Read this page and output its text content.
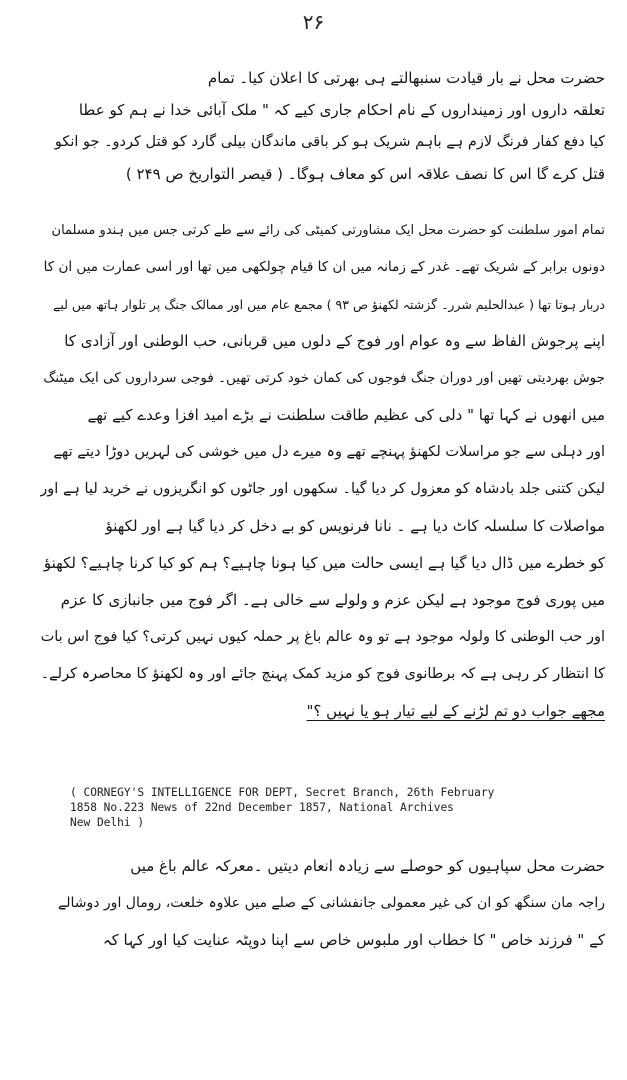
۲۶
حضرت محل نے بار قیادت سنبھالتے ہی بھرتی کا اعلان کیا۔ تمام
تعلقہ داروں اور زمینداروں کے نام احکام جاری کیے کہ " ملک آبائی خدا نے ہم کو عطا
کیا دفع کفار فرنگ لازم ہے باہم شریک ہو کر باقی ماندگان بیلی گارد کو قتل کردو۔ جو انکو
قتل کرے گا اس کا نصف علاقہ اس کو معاف ہوگا۔ ( قیصر التواریخ ص ۲۴۹ )
تمام امور سلطنت کو حضرت محل ایک مشاورتی کمیٹی کی رائے سے طے کرتی جس میں ہندو مسلمان
دونوں برابر کے شریک تھے۔ غدر کے زمانہ میں ان کا قیام چولکھی میں تھا اور اسی عمارت میں ان کا
دربار ہوتا تھا ( عبدالحلیم شرر۔ گزشتہ لکھنؤ ص ۹۳ ) مجمع عام میں اور ممالک جنگ پر تلوار ہاتھ میں لیے
اپنے پرجوش الفاظ سے وہ عوام اور فوج کے دلوں میں قربانی، حب الوطنی اور آزادی کا
جوش بھردیتی تھیں اور دوران جنگ فوجوں کی کمان خود کرتی تھیں۔ فوجی سرداروں کی ایک میٹنگ
میں انھوں نے کہا تھا " دلی کی عظیم طاقت سلطنت نے بڑے امید افزا وعدے کیے تھے
اور دہلی سے جو مراسلات لکھنؤ پہنچے تھے وہ میرے دل میں خوشی کی لہریں دوڑا دیتے تھے
لیکن کتنی جلد بادشاہ کو معزول کر دیا گیا۔ سکھوں اور جاٹوں کو انگریزوں نے خرید لیا ہے اور
مواصلات کا سلسلہ کاٹ دیا ہے ۔ نانا فرنویس کو بے دخل کر دیا گیا ہے اور لکھنؤ
کو خطرے میں ڈال دیا گیا ہے ایسی حالت میں کیا ہونا چاہیے؟ ہم کو کیا کرنا چاہیے؟ لکھنؤ
میں پوری فوج موجود ہے لیکن عزم و ولولے سے خالی ہے۔ اگر فوج میں جانبازی کا عزم
اور حب الوطنی کا ولولہ موجود ہے تو وہ عالم باغ پر حملہ کیوں نہیں کرتی؟ کیا فوج اس بات
کا انتظار کر رہی ہے کہ برطانوی فوج کو مزید کمک پہنچ جائے اور وہ لکھنؤ کا محاصرہ کرلے۔
مجھے جواب دو تم لڑنے کے لیے تیار ہو یا نہیں ؟"
( CORNEGY'S INTELLIGENCE FOR DEPT, Secret Branch, 26th February
1858 No.223 News of 22nd December 1857, National Archives
New Delhi )
حضرت محل سپاہیوں کو حوصلے سے زیادہ انعام دیتیں ۔معرکہ عالم باغ میں
راجہ مان سنگھ کو ان کی غیر معمولی جانفشانی کے صلے میں علاوہ خلعت، رومال اور دوشالے
کے " فرزند خاص " کا خطاب اور ملبوس خاص سے اپنا دوپٹہ عنایت کیا اور کہا کہ
